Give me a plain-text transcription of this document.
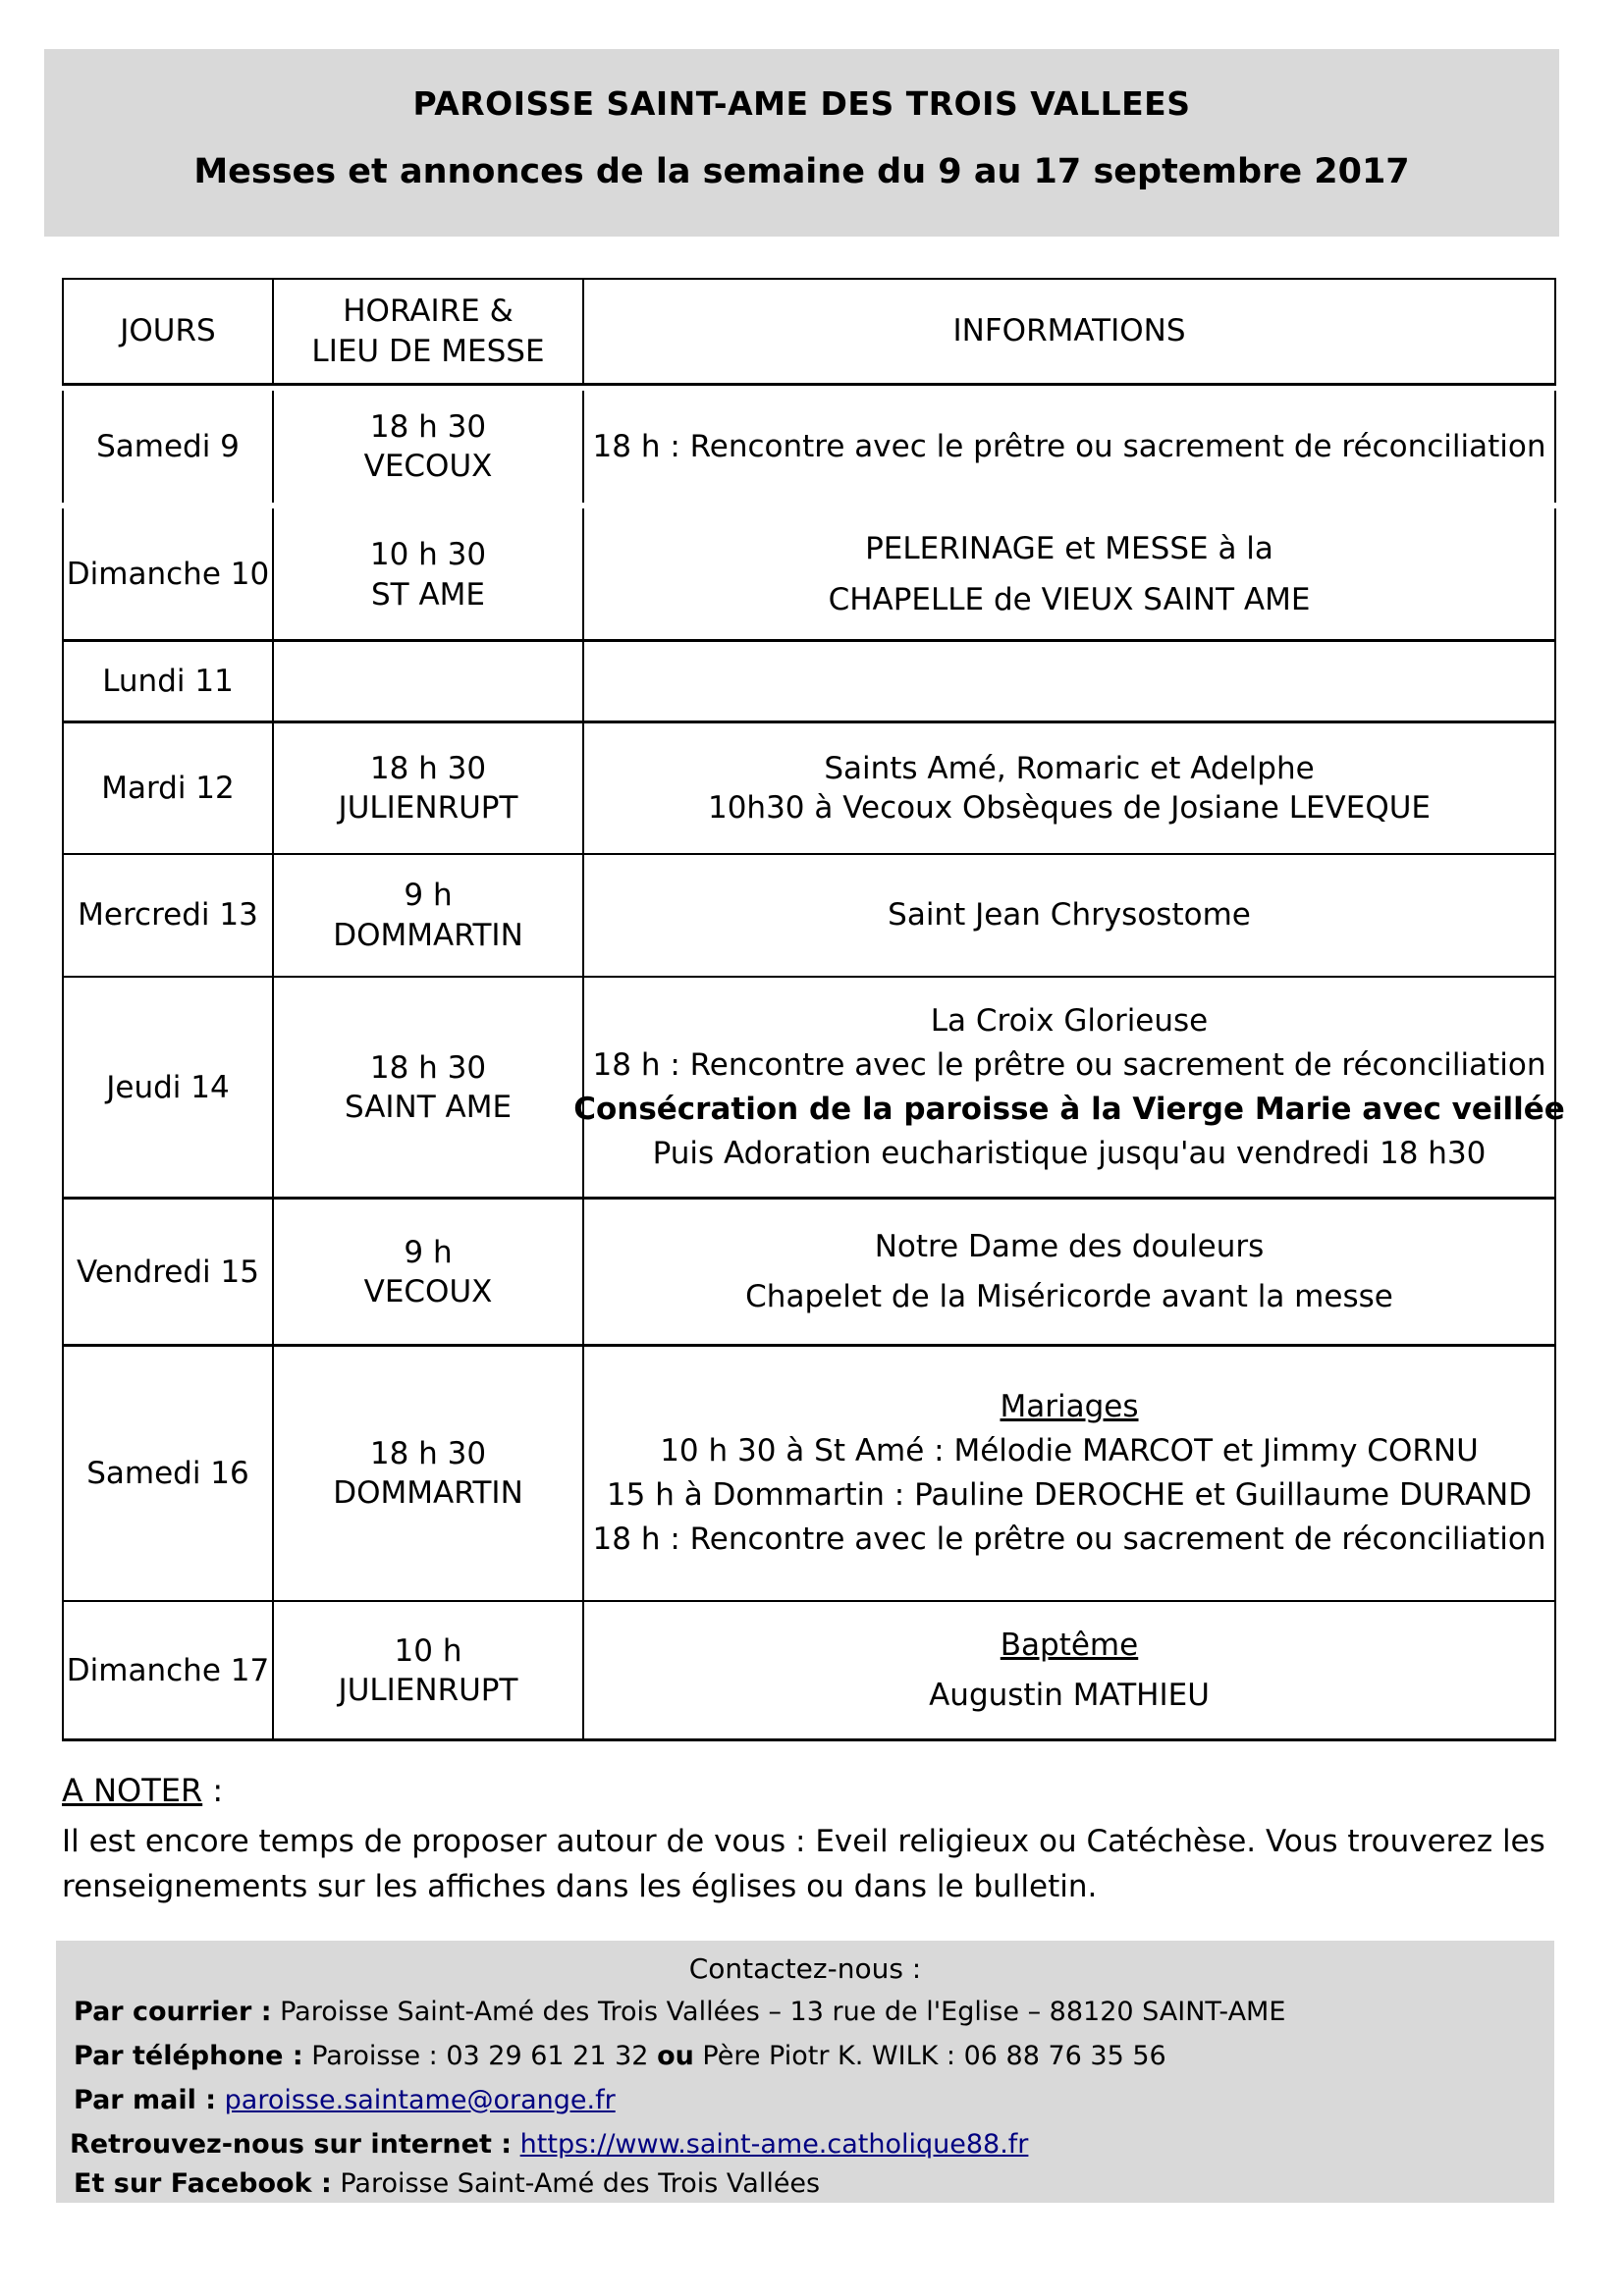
PAROISSE SAINT-AME DES TROIS VALLEES
Messes et annonces de la semaine du 9 au 17 septembre 2017
JOURS
HORAIRE &
LIEU DE MESSE
INFORMATIONS
Samedi 9
18 h 30
VECOUX
18 h : Rencontre avec le prêtre ou sacrement de réconciliation
Dimanche 10
10 h 30
ST AME
PELERINAGE et MESSE à la
CHAPELLE de VIEUX SAINT AME
Lundi 11
Mardi 12
18 h 30
JULIENRUPT
Saints Amé, Romaric et Adelphe
10h30 à Vecoux Obsèques de Josiane LEVEQUE
Mercredi 13
9 h
DOMMARTIN
Saint Jean Chrysostome
Jeudi 14
18 h 30
SAINT AME
La Croix Glorieuse
18 h : Rencontre avec le prêtre ou sacrement de réconciliation
Consécration de la paroisse à la Vierge Marie avec veillée
Puis Adoration eucharistique jusqu'au vendredi 18 h30
Vendredi 15
9 h
VECOUX
Notre Dame des douleurs
Chapelet de la Miséricorde avant la messe
Samedi 16
18 h 30
DOMMARTIN
Mariages
10 h 30 à St Amé : Mélodie MARCOT et Jimmy CORNU
15 h à Dommartin : Pauline DEROCHE et Guillaume DURAND
18 h : Rencontre avec le prêtre ou sacrement de réconciliation
Dimanche 17
10 h
JULIENRUPT
Baptême
Augustin MATHIEU
A NOTER :
Il est encore temps de proposer autour de vous : Eveil religieux ou Catéchèse. Vous trouverez les renseignements sur les affiches dans les églises ou dans le bulletin.
Contactez-nous :
Par courrier : Paroisse Saint-Amé des Trois Vallées – 13 rue de l'Eglise – 88120 SAINT-AME
Par téléphone : Paroisse : 03 29 61 21 32 ou Père Piotr K. WILK : 06 88 76 35 56
Par mail : paroisse.saintame@orange.fr
Retrouvez-nous sur internet : https://www.saint-ame.catholique88.fr
Et sur Facebook : Paroisse Saint-Amé des Trois Vallées
